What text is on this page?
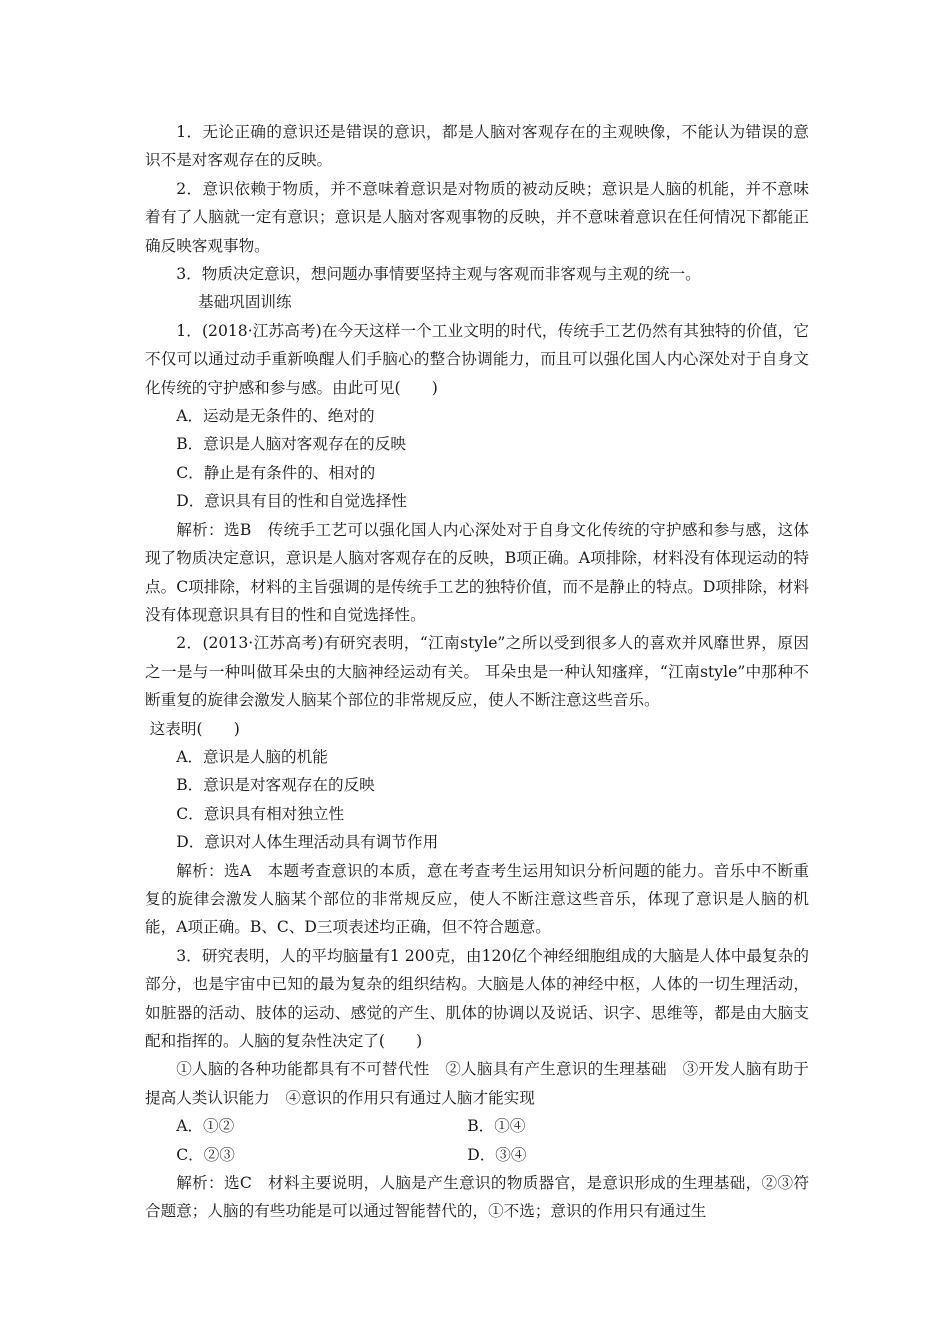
1．无论正确的意识还是错误的意识，都是人脑对客观存在的主观映像，不能认为错误的意识不是对客观存在的反映。

2．意识依赖于物质，并不意味着意识是对物质的被动反映；意识是人脑的机能，并不意味着有了人脑就一定有意识；意识是人脑对客观事物的反映，并不意味着意识在任何情况下都能正确反映客观事物。

3．物质决定意识，想问题办事情要坚持主观与客观而非客观与主观的统一。

基础巩固训练

1．(2018·江苏高考)在今天这样一个工业文明的时代，传统手工艺仍然有其独特的价值，它不仅可以通过动手重新唤醒人们手脑心的整合协调能力，而且可以强化国人内心深处对于自身文化传统的守护感和参与感。由此可见(　　)

A．运动是无条件的、绝对的

B．意识是人脑对客观存在的反映

C．静止是有条件的、相对的

D．意识具有目的性和自觉选择性

解析：选B　传统手工艺可以强化国人内心深处对于自身文化传统的守护感和参与感，这体现了物质决定意识，意识是人脑对客观存在的反映，B项正确。A项排除，材料没有体现运动的特点。C项排除，材料的主旨强调的是传统手工艺的独特价值，而不是静止的特点。D项排除，材料没有体现意识具有目的性和自觉选择性。

2．(2013·江苏高考)有研究表明，“江南style”之所以受到很多人的喜欢并风靡世界，原因之一是与一种叫做耳朵虫的大脑神经运动有关。 耳朵虫是一种认知瘙痒，“江南style”中那种不断重复的旋律会激发人脑某个部位的非常规反应，使人不断注意这些音乐。

这表明(　　)

A．意识是人脑的机能

B．意识是对客观存在的反映

C．意识具有相对独立性

D．意识对人体生理活动具有调节作用

解析：选A　本题考查意识的本质，意在考查考生运用知识分析问题的能力。音乐中不断重复的旋律会激发人脑某个部位的非常规反应，使人不断注意这些音乐，体现了意识是人脑的机能，A项正确。B、C、D三项表述均正确，但不符合题意。

3．研究表明，人的平均脑量有1 200克，由120亿个神经细胞组成的大脑是人体中最复杂的部分，也是宇宙中已知的最为复杂的组织结构。大脑是人体的神经中枢，人体的一切生理活动，如脏器的活动、肢体的运动、感觉的产生、肌体的协调以及说话、识字、思维等，都是由大脑支配和指挥的。人脑的复杂性决定了(　　)

①人脑的各种功能都具有不可替代性　②人脑具有产生意识的生理基础　③开发人脑有助于提高人类认识能力　④意识的作用只有通过人脑才能实现

A．①②	B．①④
C．②③	D．③④

解析：选C　材料主要说明，人脑是产生意识的物质器官，是意识形成的生理基础，②③符合题意；人脑的有些功能是可以通过智能替代的，①不选；意识的作用只有通过生
